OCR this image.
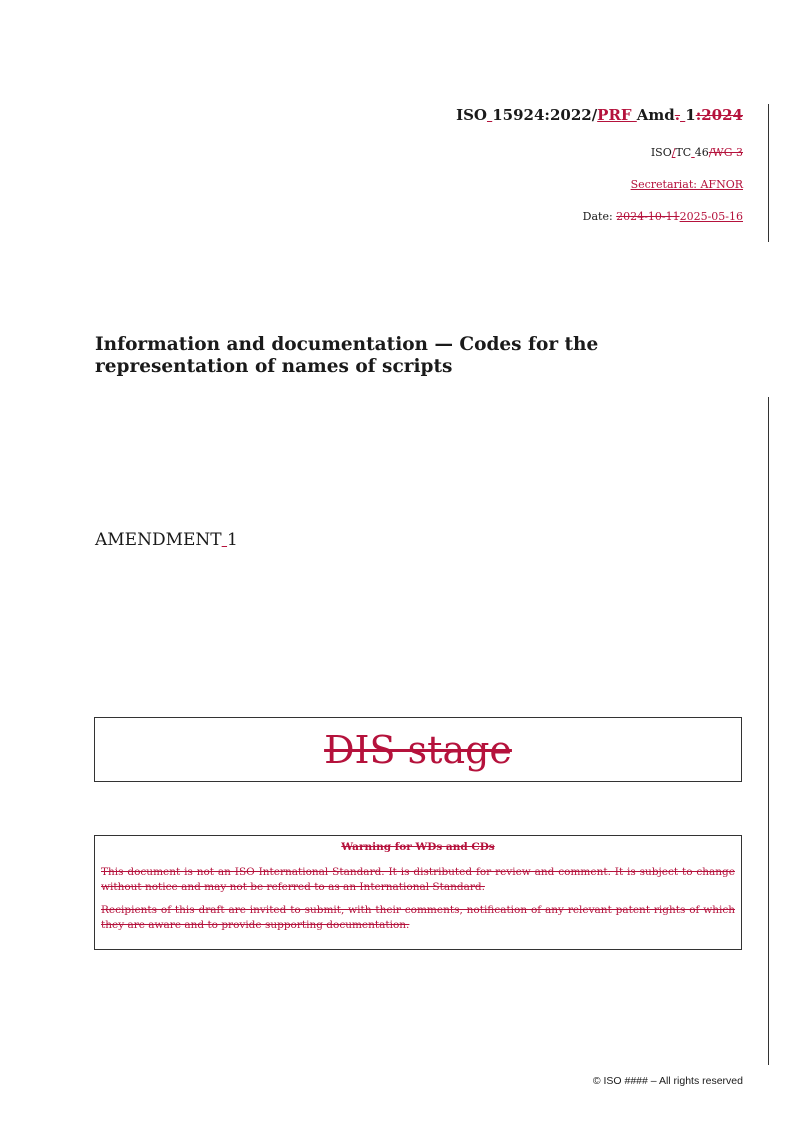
ISO 15924:2022/PRF Amd. 1:2024
ISO/TC 46/WG 3
Secretariat: AFNOR
Date: 2024-10-112025-05-16
Information and documentation — Codes for the representation of names of scripts
AMENDMENT 1
DIS stage

Warning for WDs and CDs

This document is not an ISO International Standard. It is distributed for review and comment. It is subject to change without notice and may not be referred to as an International Standard.

Recipients of this draft are invited to submit, with their comments, notification of any relevant patent rights of which they are aware and to provide supporting documentation.

© ISO #### – All rights reserved
